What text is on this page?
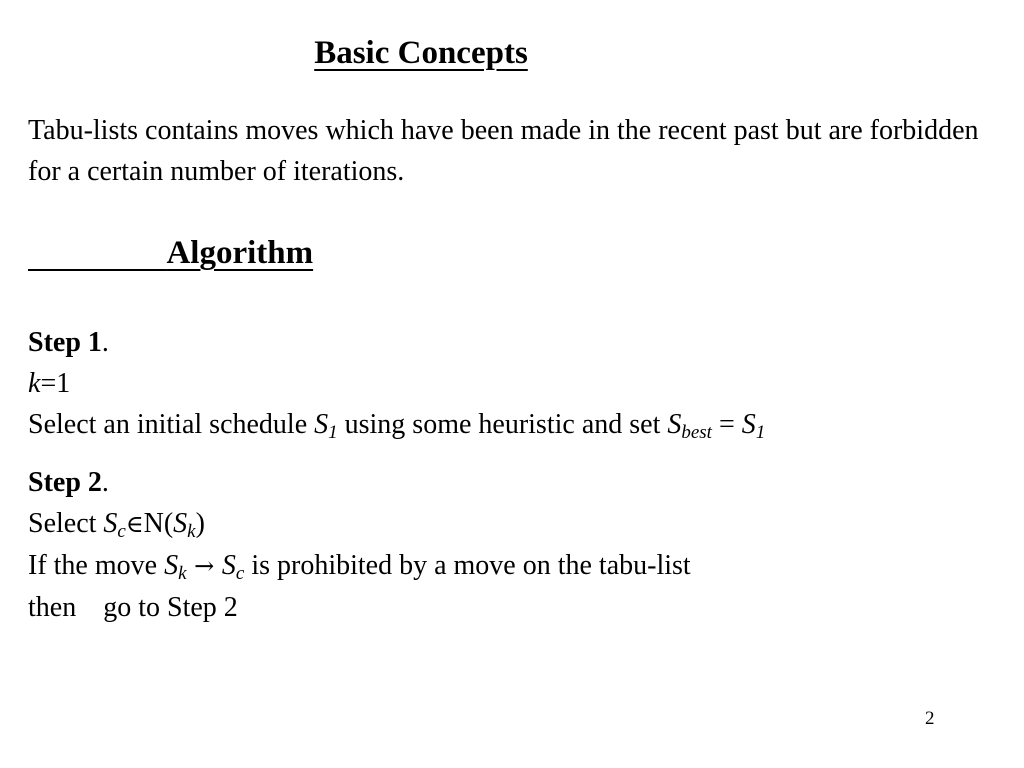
Basic Concepts

Tabu-lists contains moves which have been made in the recent past but are forbidden for a certain number of iterations.

Algorithm
Step 1.
k=1
Select an initial schedule $S_1$ using some heuristic and set $S_{best} = S_1$
Step 2.
Select $S_c\in N(S_k)$
If the move $S_k \to S_c$ is prohibited by a move on the tabu-list
then go to Step 2
2
